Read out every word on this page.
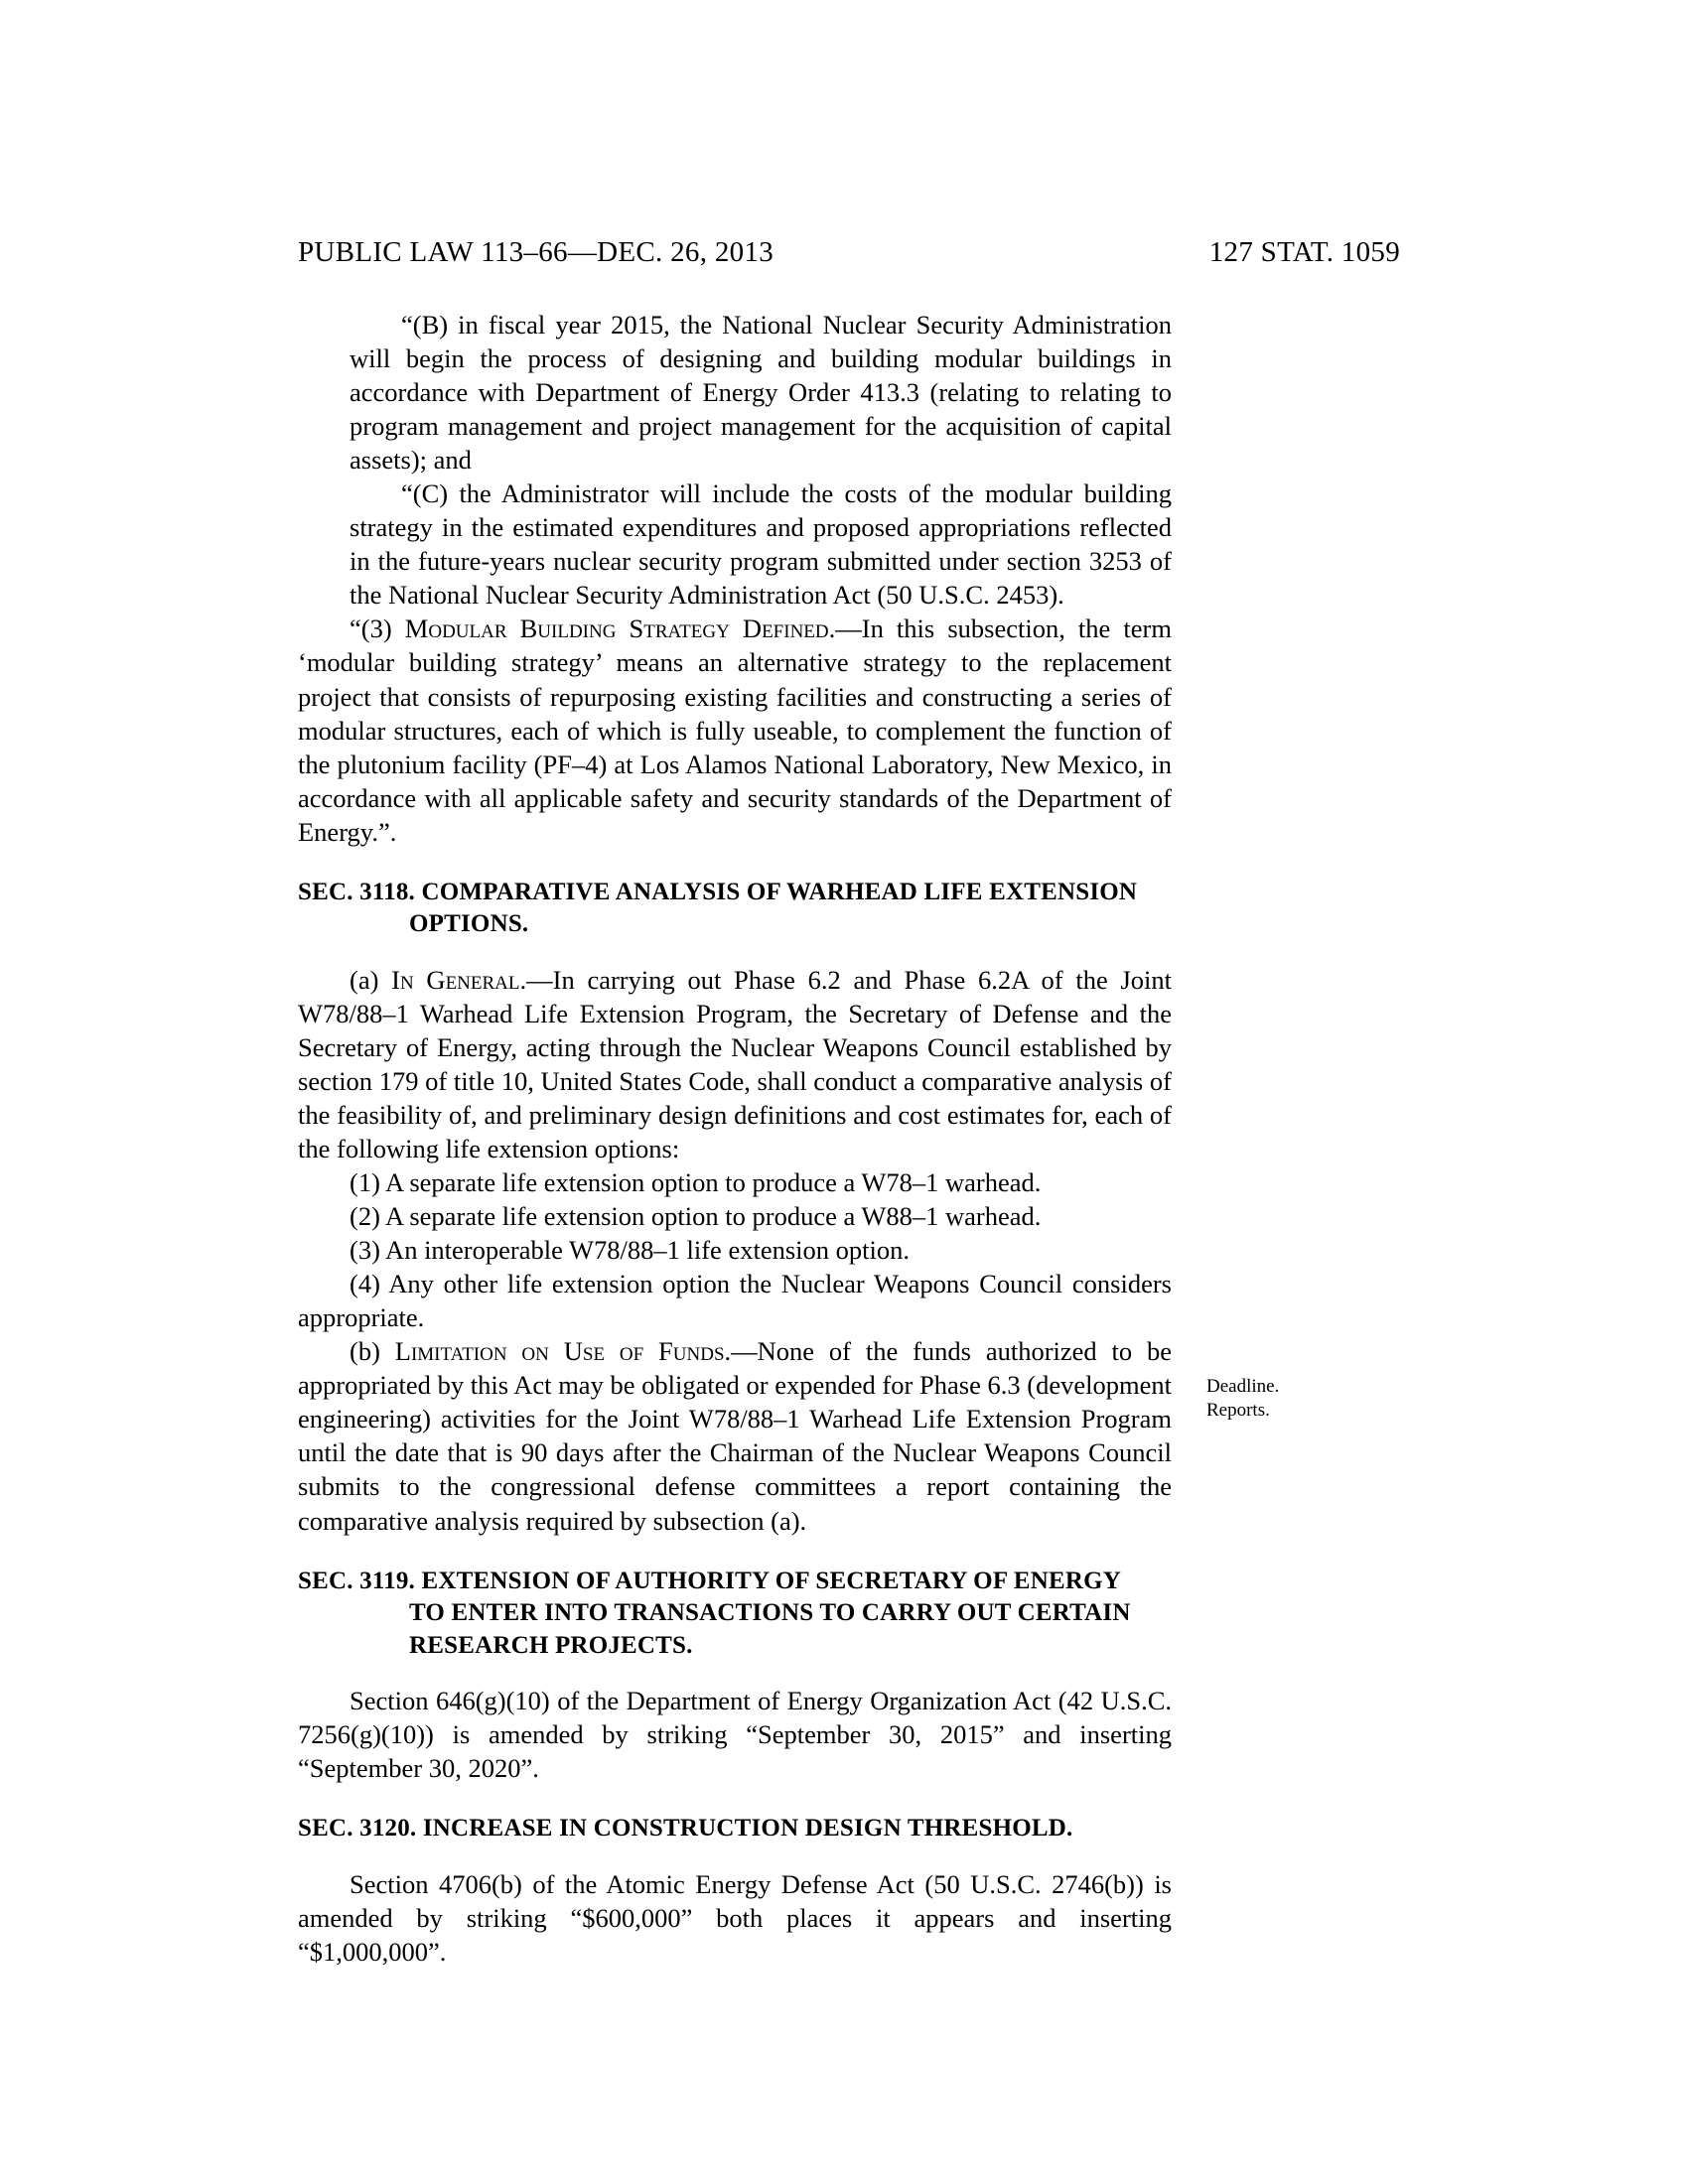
PUBLIC LAW 113–66—DEC. 26, 2013	127 STAT. 1059

“(B) in fiscal year 2015, the National Nuclear Security Administration will begin the process of designing and building modular buildings in accordance with Department of Energy Order 413.3 (relating to relating to program management and project management for the acquisition of capital assets); and

“(C) the Administrator will include the costs of the modular building strategy in the estimated expenditures and proposed appropriations reflected in the future-years nuclear security program submitted under section 3253 of the National Nuclear Security Administration Act (50 U.S.C. 2453).

“(3) Modular Building Strategy Defined.—In this subsection, the term ‘modular building strategy’ means an alternative strategy to the replacement project that consists of repurposing existing facilities and constructing a series of modular structures, each of which is fully useable, to complement the function of the plutonium facility (PF–4) at Los Alamos National Laboratory, New Mexico, in accordance with all applicable safety and security standards of the Department of Energy.”.

SEC. 3118. COMPARATIVE ANALYSIS OF WARHEAD LIFE EXTENSION
OPTIONS.

(a) In General.—In carrying out Phase 6.2 and Phase 6.2A of the Joint W78/88–1 Warhead Life Extension Program, the Secretary of Defense and the Secretary of Energy, acting through the Nuclear Weapons Council established by section 179 of title 10, United States Code, shall conduct a comparative analysis of the feasibility of, and preliminary design definitions and cost estimates for, each of the following life extension options:

(1) A separate life extension option to produce a W78–1 warhead.

(2) A separate life extension option to produce a W88–1 warhead.

(3) An interoperable W78/88–1 life extension option.

(4) Any other life extension option the Nuclear Weapons Council considers appropriate.

(b) Limitation on Use of Funds.—None of the funds authorized to be appropriated by this Act may be obligated or expended for Phase 6.3 (development engineering) activities for the Joint W78/88–1 Warhead Life Extension Program until the date that is 90 days after the Chairman of the Nuclear Weapons Council submits to the congressional defense committees a report containing the comparative analysis required by subsection (a).

SEC. 3119. EXTENSION OF AUTHORITY OF SECRETARY OF ENERGY
TO ENTER INTO TRANSACTIONS TO CARRY OUT CERTAIN
RESEARCH PROJECTS.

Section 646(g)(10) of the Department of Energy Organization Act (42 U.S.C. 7256(g)(10)) is amended by striking “September 30, 2015” and inserting “September 30, 2020”.

SEC. 3120. INCREASE IN CONSTRUCTION DESIGN THRESHOLD.

Section 4706(b) of the Atomic Energy Defense Act (50 U.S.C. 2746(b)) is amended by striking “$600,000” both places it appears and inserting “$1,000,000”.

Deadline.
Reports.
